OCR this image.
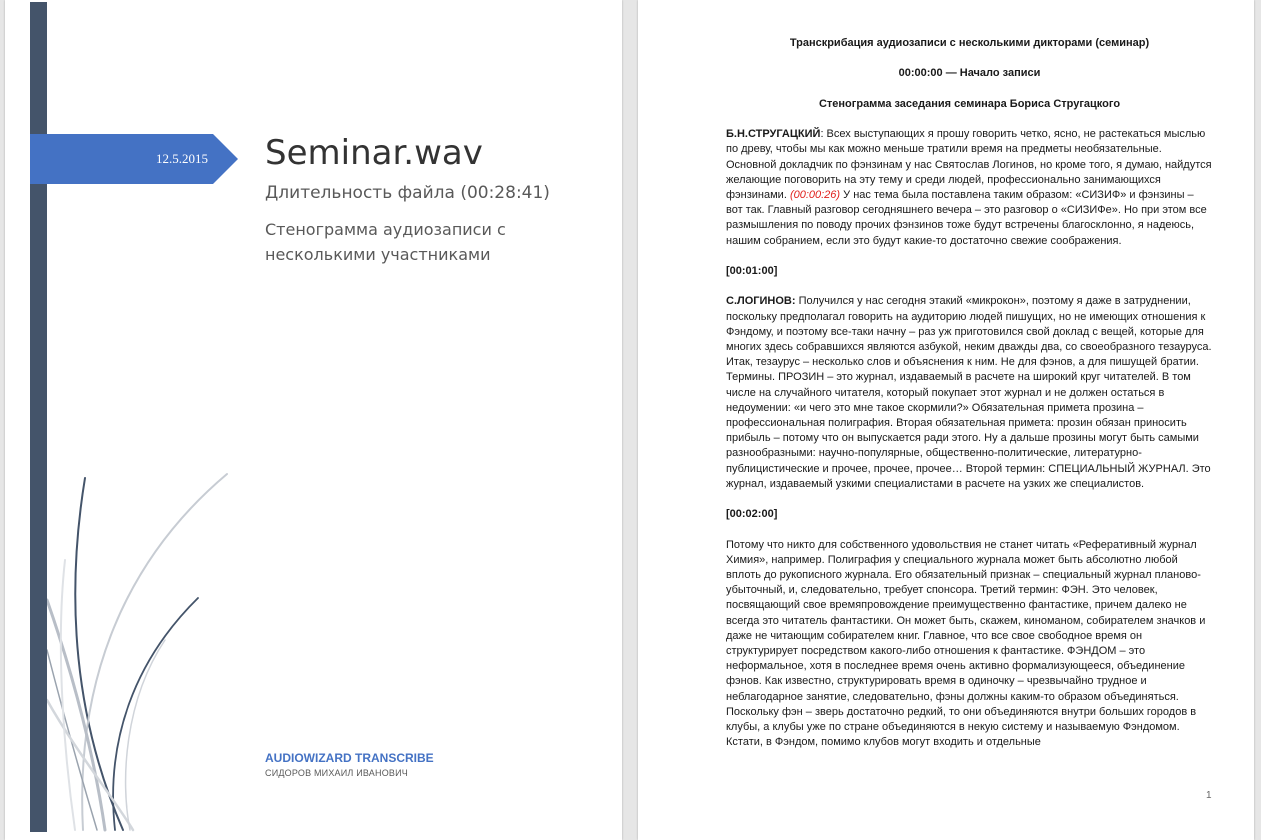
12.5.2015 Seminar.wav
Длительность файла (00:28:41)
Стенограмма аудиозаписи с несколькими участниками
AUDIOWIZARD TRANSCRIBE
СИДОРОВ МИХАИЛ ИВАНОВИЧ

Транскрибация аудиозаписи с несколькими дикторами (семинар)

00:00:00 — Начало записи

Стенограмма заседания семинара Бориса Стругацкого

Б.Н.СТРУГАЦКИЙ: Всех выступающих я прошу говорить четко, ясно, не растекаться мыслью по древу, чтобы мы как можно меньше тратили время на предметы необязательные. Основной докладчик по фэнзинам у нас Святослав Логинов, но кроме того, я думаю, найдутся желающие поговорить на эту тему и среди людей, профессионально занимающихся фэнзинами. (00:00:26) У нас тема была поставлена таким образом: «СИЗИФ» и фэнзины – вот так. Главный разговор сегодняшнего вечера – это разговор о «СИЗИФе». Но при этом все размышления по поводу прочих фэнзинов тоже будут встречены благосклонно, я надеюсь, нашим собранием, если это будут какие-то достаточно свежие соображения.

[00:01:00]

С.ЛОГИНОВ: Получился у нас сегодня этакий «микрокон», поэтому я даже в затруднении, поскольку предполагал говорить на аудиторию людей пишущих, но не имеющих отношения к Фэндому, и поэтому все-таки начну – раз уж приготовился свой доклад с вещей, которые для многих здесь собравшихся являются азбукой, неким дважды два, со своеобразного тезауруса. Итак, тезаурус – несколько слов и объяснения к ним. Не для фэнов, а для пишущей братии. Термины. ПРОЗИН – это журнал, издаваемый в расчете на широкий круг читателей. В том числе на случайного читателя, который покупает этот журнал и не должен остаться в недоумении: «и чего это мне такое скормили?» Обязательная примета прозина – профессиональная полиграфия. Вторая обязательная примета: прозин обязан приносить прибыль – потому что он выпускается ради этого. Ну а дальше прозины могут быть самыми разнообразными: научно-популярные, общественно-политические, литературно-публицистические и прочее, прочее, прочее… Второй термин: СПЕЦИАЛЬНЫЙ ЖУРНАЛ. Это журнал, издаваемый узкими специалистами в расчете на узких же специалистов.

[00:02:00]

Потому что никто для собственного удовольствия не станет читать «Реферативный журнал Химия», например. Полиграфия у специального журнала может быть абсолютно любой вплоть до рукописного журнала. Его обязательный признак – специальный журнал планово-убыточный, и, следовательно, требует спонсора. Третий термин: ФЭН. Это человек, посвящающий свое времяпровождение преимущественно фантастике, причем далеко не всегда это читатель фантастики. Он может быть, скажем, киноманом, собирателем значков и даже не читающим собирателем книг. Главное, что все свое свободное время он структурирует посредством какого-либо отношения к фантастике. ФЭНДОМ – это неформальное, хотя в последнее время очень активно формализующееся, объединение фэнов. Как известно, структурировать время в одиночку – чрезвычайно трудное и неблагодарное занятие, следовательно, фэны должны каким-то образом объединяться. Поскольку фэн – зверь достаточно редкий, то они объединяются внутри больших городов в клубы, а клубы уже по стране объединяются в некую систему и называемую Фэндомом. Кстати, в Фэндом, помимо клубов могут входить и отдельные

1
